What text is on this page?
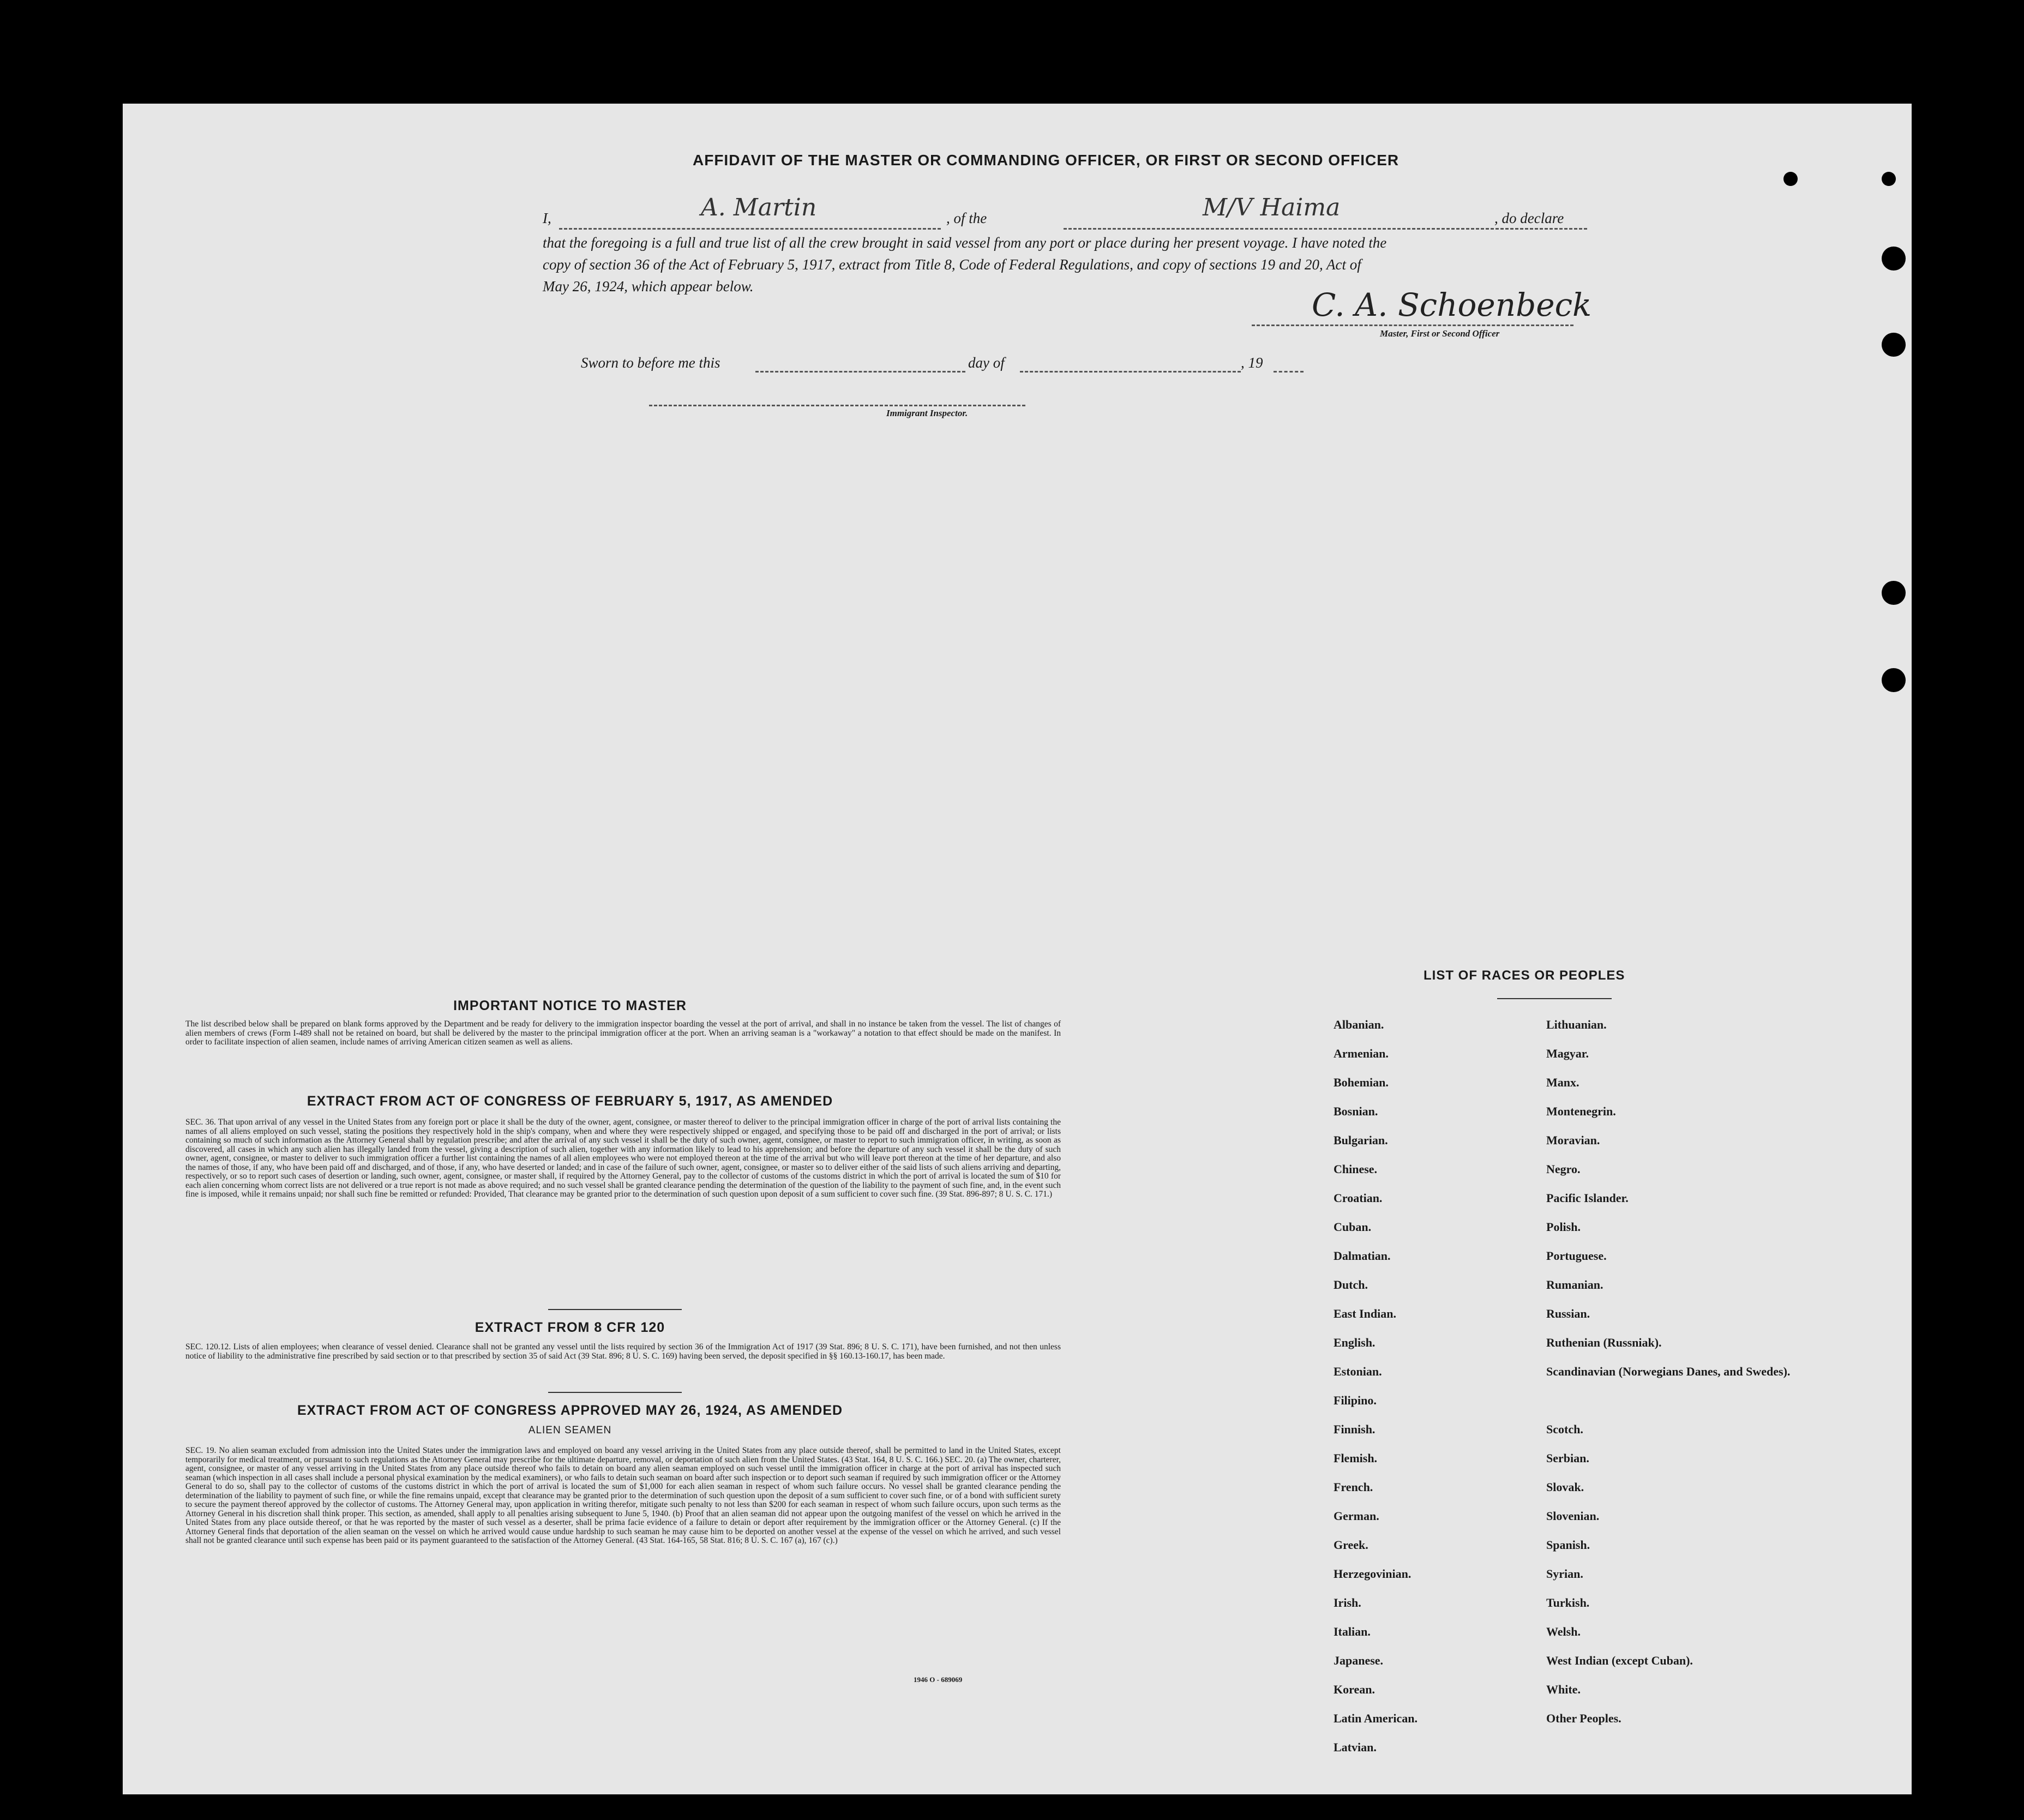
AFFIDAVIT OF THE MASTER OR COMMANDING OFFICER, OR FIRST OR SECOND OFFICER
I,	A. Martin	, of the	M/V Haima	, do declare
that the foregoing is a full and true list of all the crew brought in said vessel from any port or place during her present voyage. I have noted the
copy of section 36 of the Act of February 5, 1917, extract from Title 8, Code of Federal Regulations, and copy of sections 19 and 20, Act of
May 26, 1924, which appear below.	C. A. Schoenbeck
Master, First or Second Officer
Sworn to before me this	day of	, 19
Immigrant Inspector.
IMPORTANT NOTICE TO MASTER
The list described below shall be prepared on blank forms approved by the Department and be ready for delivery to the immigration inspector boarding the vessel at the port of arrival, and shall in no instance be taken from the vessel. The list of changes of alien members of crews (Form I-489 shall not be retained on board, but shall be delivered by the master to the principal immigration officer at the port. When an arriving seaman is a "workaway" a notation to that effect should be made on the manifest. In order to facilitate inspection of alien seamen, include names of arriving American citizen seamen as well as aliens.
EXTRACT FROM ACT OF CONGRESS OF FEBRUARY 5, 1917, AS AMENDED
SEC. 36. That upon arrival of any vessel in the United States from any foreign port or place it shall be the duty of the owner, agent, consignee, or master thereof to deliver to the principal immigration officer in charge of the port of arrival lists containing the names of all aliens employed on such vessel, stating the positions they respectively hold in the ship's company, when and where they were respectively shipped or engaged, and specifying those to be paid off and discharged in the port of arrival; or lists containing so much of such information as the Attorney General shall by regulation prescribe; and after the arrival of any such vessel it shall be the duty of such owner, agent, consignee, or master to report to such immigration officer, in writing, as soon as discovered, all cases in which any such alien has illegally landed from the vessel, giving a description of such alien, together with any information likely to lead to his apprehension; and before the departure of any such vessel it shall be the duty of such owner, agent, consignee, or master to deliver to such immigration officer a further list containing the names of all alien employees who were not employed thereon at the time of the arrival but who will leave port thereon at the time of her departure, and also the names of those, if any, who have been paid off and discharged, and of those, if any, who have deserted or landed; and in case of the failure of such owner, agent, consignee, or master so to deliver either of the said lists of such aliens arriving and departing, respectively, or so to report such cases of desertion or landing, such owner, agent, consignee, or master shall, if required by the Attorney General, pay to the collector of customs of the customs district in which the port of arrival is located the sum of $10 for each alien concerning whom correct lists are not delivered or a true report is not made as above required; and no such vessel shall be granted clearance pending the determination of the question of the liability to the payment of such fine, and, in the event such fine is imposed, while it remains unpaid; nor shall such fine be remitted or refunded: Provided, That clearance may be granted prior to the determination of such question upon deposit of a sum sufficient to cover such fine. (39 Stat. 896-897; 8 U. S. C. 171.)
EXTRACT FROM 8 CFR 120
SEC. 120.12. Lists of alien employees; when clearance of vessel denied. Clearance shall not be granted any vessel until the lists required by section 36 of the Immigration Act of 1917 (39 Stat. 896; 8 U. S. C. 171), have been furnished, and not then unless notice of liability to the administrative fine prescribed by said section or to that prescribed by section 35 of said Act (39 Stat. 896; 8 U. S. C. 169) having been served, the deposit specified in §§ 160.13-160.17, has been made.
EXTRACT FROM ACT OF CONGRESS APPROVED MAY 26, 1924, AS AMENDED
ALIEN SEAMEN
SEC. 19. No alien seaman excluded from admission into the United States under the immigration laws and employed on board any vessel arriving in the United States from any place outside thereof, shall be permitted to land in the United States, except temporarily for medical treatment, or pursuant to such regulations as the Attorney General may prescribe for the ultimate departure, removal, or deportation of such alien from the United States. (43 Stat. 164, 8 U. S. C. 166.) SEC. 20. (a) The owner, charterer, agent, consignee, or master of any vessel arriving in the United States from any place outside thereof who fails to detain on board any alien seaman employed on such vessel until the immigration officer in charge at the port of arrival has inspected such seaman (which inspection in all cases shall include a personal physical examination by the medical examiners), or who fails to detain such seaman on board after such inspection or to deport such seaman if required by such immigration officer or the Attorney General to do so, shall pay to the collector of customs of the customs district in which the port of arrival is located the sum of $1,000 for each alien seaman in respect of whom such failure occurs. No vessel shall be granted clearance pending the determination of the liability to payment of such fine, or while the fine remains unpaid, except that clearance may be granted prior to the determination of such question upon the deposit of a sum sufficient to cover such fine, or of a bond with sufficient surety to secure the payment thereof approved by the collector of customs. The Attorney General may, upon application in writing therefor, mitigate such penalty to not less than $200 for each seaman in respect of whom such failure occurs, upon such terms as the Attorney General in his discretion shall think proper. This section, as amended, shall apply to all penalties arising subsequent to June 5, 1940. (b) Proof that an alien seaman did not appear upon the outgoing manifest of the vessel on which he arrived in the United States from any place outside thereof, or that he was reported by the master of such vessel as a deserter, shall be prima facie evidence of a failure to detain or deport after requirement by the immigration officer or the Attorney General. (c) If the Attorney General finds that deportation of the alien seaman on the vessel on which he arrived would cause undue hardship to such seaman he may cause him to be deported on another vessel at the expense of the vessel on which he arrived, and such vessel shall not be granted clearance until such expense has been paid or its payment guaranteed to the satisfaction of the Attorney General. (43 Stat. 164-165, 58 Stat. 816; 8 U. S. C. 167 (a), 167 (c).)
1946 O - 689069
LIST OF RACES OR PEOPLES
Albanian.
Armenian.
Bohemian.
Bosnian.
Bulgarian.
Chinese.
Croatian.
Cuban.
Dalmatian.
Dutch.
East Indian.
English.
Estonian.
Filipino.
Finnish.
Flemish.
French.
German.
Greek.
Herzegovinian.
Irish.
Italian.
Japanese.
Korean.
Latin American.
Latvian.
Lithuanian.
Magyar.
Manx.
Montenegrin.
Moravian.
Negro.
Pacific Islander.
Polish.
Portuguese.
Rumanian.
Russian.
Ruthenian (Russniak).
Scandinavian (Norwegians Danes, and Swedes).
Scotch.
Serbian.
Slovak.
Slovenian.
Spanish.
Syrian.
Turkish.
Welsh.
West Indian (except Cuban).
White.
Other Peoples.
